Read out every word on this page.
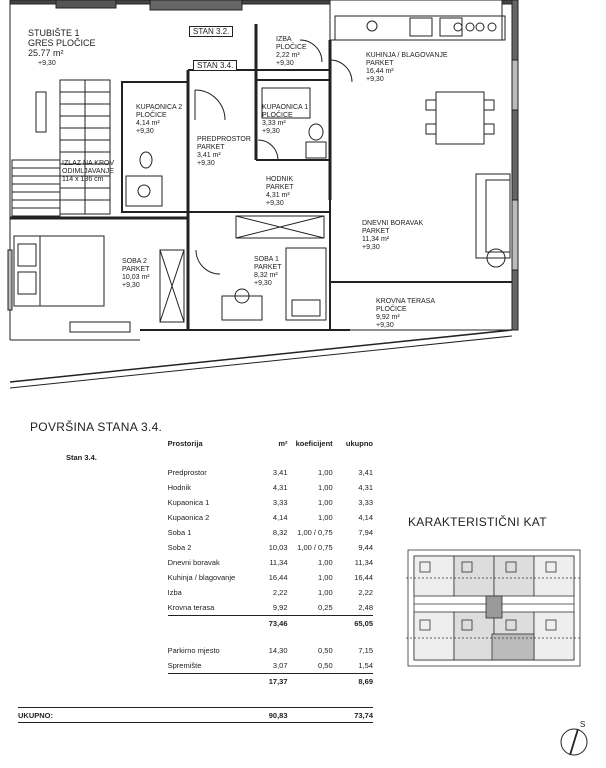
STUBIŠTE 1
GRES PLOČICE
25.77 m²
+9,30
STAN 3.2.
STAN 3.4.
IZLAZ NA KROV
ODIMLJAVANJE
114 x 136 cm
KUPAONICA 2
PLOČICE
4,14 m²
+9,30
PREDPROSTOR
PARKET
3,41 m²
+9,30
IZBA
PLOČICE
2,22 m²
+9,30
KUPAONICA 1
PLOČICE
3,33 m²
+9,30
KUHINJA / BLAGOVANJE
PARKET
16,44 m²
+9,30
HODNIK
PARKET
4,31 m²
+9,30
DNEVNI BORAVAK
PARKET
11,34 m²
+9,30
SOBA 2
PARKET
10,03 m²
+9,30
SOBA 1
PARKET
8,32 m²
+9,30
KROVNA TERASA
PLOČICE
9,92 m²
+9,30
POVRŠINA STANA 3.4.
	Prostorija	m²	koeficijent	ukupno
Stan 3.4.				
	Predprostor	3,41	1,00	3,41
	Hodnik	4,31	1,00	4,31
	Kupaonica 1	3,33	1,00	3,33
	Kupaonica 2	4,14	1,00	4,14
	Soba 1	8,32	1,00 / 0,75	7,94
	Soba 2	10,03	1,00 / 0,75	9,44
	Dnevni boravak	11,34	1,00	11,34
	Kuhinja / blagovanje	16,44	1,00	16,44
	Izba	2,22	1,00	2,22
	Krovna terasa	9,92	0,25	2,48
		73,46		65,05

	Parkirno mjesto	14,30	0,50	7,15
	Spremište	3,07	0,50	1,54
		17,37		8,69

UKUPNO:		90,83		73,74
KARAKTERISTIČNI KAT
S
